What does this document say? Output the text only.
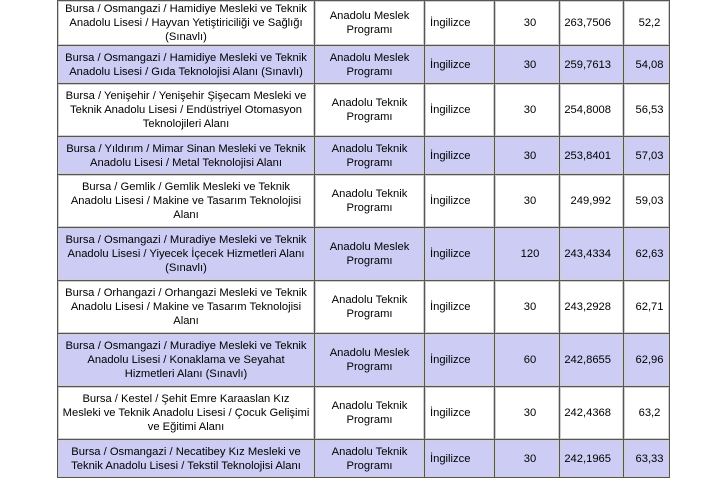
Bursa / Osmangazi / Hamidiye Mesleki ve Teknik Anadolu Lisesi / Hayvan Yetiştiriciliği ve Sağlığı (Sınavlı)	Anadolu Meslek Programı	İngilizce	30	263,7506	52,2
Bursa / Osmangazi / Hamidiye Mesleki ve Teknik Anadolu Lisesi / Gıda Teknolojisi Alanı (Sınavlı)	Anadolu Meslek Programı	İngilizce	30	259,7613	54,08
Bursa / Yenişehir / Yenişehir Şişecam Mesleki ve Teknik Anadolu Lisesi / Endüstriyel Otomasyon Teknolojileri Alanı	Anadolu Teknik Programı	İngilizce	30	254,8008	56,53
Bursa / Yıldırım / Mimar Sinan Mesleki ve Teknik Anadolu Lisesi / Metal Teknolojisi Alanı	Anadolu Teknik Programı	İngilizce	30	253,8401	57,03
Bursa / Gemlik / Gemlik Mesleki ve Teknik Anadolu Lisesi / Makine ve Tasarım Teknolojisi Alanı	Anadolu Teknik Programı	İngilizce	30	249,992	59,03
Bursa / Osmangazi / Muradiye Mesleki ve Teknik Anadolu Lisesi / Yiyecek İçecek Hizmetleri Alanı (Sınavlı)	Anadolu Meslek Programı	İngilizce	120	243,4334	62,63
Bursa / Orhangazi / Orhangazi Mesleki ve Teknik Anadolu Lisesi / Makine ve Tasarım Teknolojisi Alanı	Anadolu Teknik Programı	İngilizce	30	243,2928	62,71
Bursa / Osmangazi / Muradiye Mesleki ve Teknik Anadolu Lisesi / Konaklama ve Seyahat Hizmetleri Alanı (Sınavlı)	Anadolu Meslek Programı	İngilizce	60	242,8655	62,96
Bursa / Kestel / Şehit Emre Karaaslan Kız Mesleki ve Teknik Anadolu Lisesi / Çocuk Gelişimi ve Eğitimi Alanı	Anadolu Teknik Programı	İngilizce	30	242,4368	63,2
Bursa / Osmangazi / Necatibey Kız Mesleki ve Teknik Anadolu Lisesi / Tekstil Teknolojisi Alanı	Anadolu Teknik Programı	İngilizce	30	242,1965	63,33
